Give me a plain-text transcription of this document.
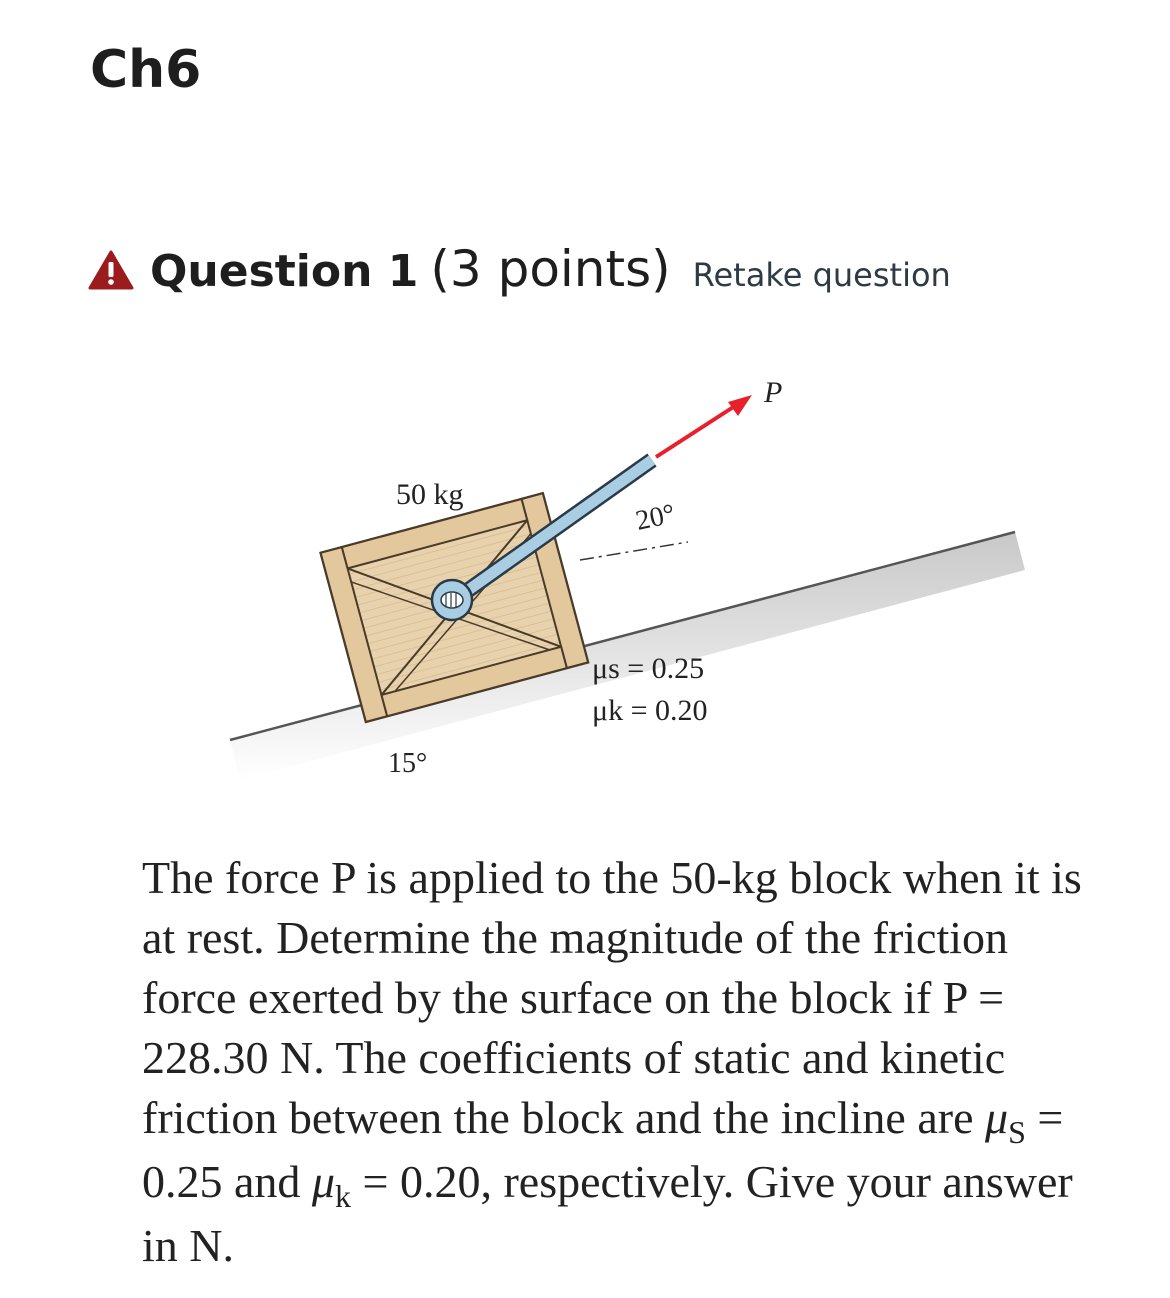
Ch6
Question 1 (3 points) Retake question
P
50 kg
20°
μs = 0.25
μk = 0.20
15°

The force P is applied to the 50-kg block when it is at rest. Determine the magnitude of the friction force exerted by the surface on the block if P = 228.30 N. The coefficients of static and kinetic friction between the block and the incline are $\mu_S = 0.25$ and $\mu_k = 0.20$, respectively. Give your answer in N.
